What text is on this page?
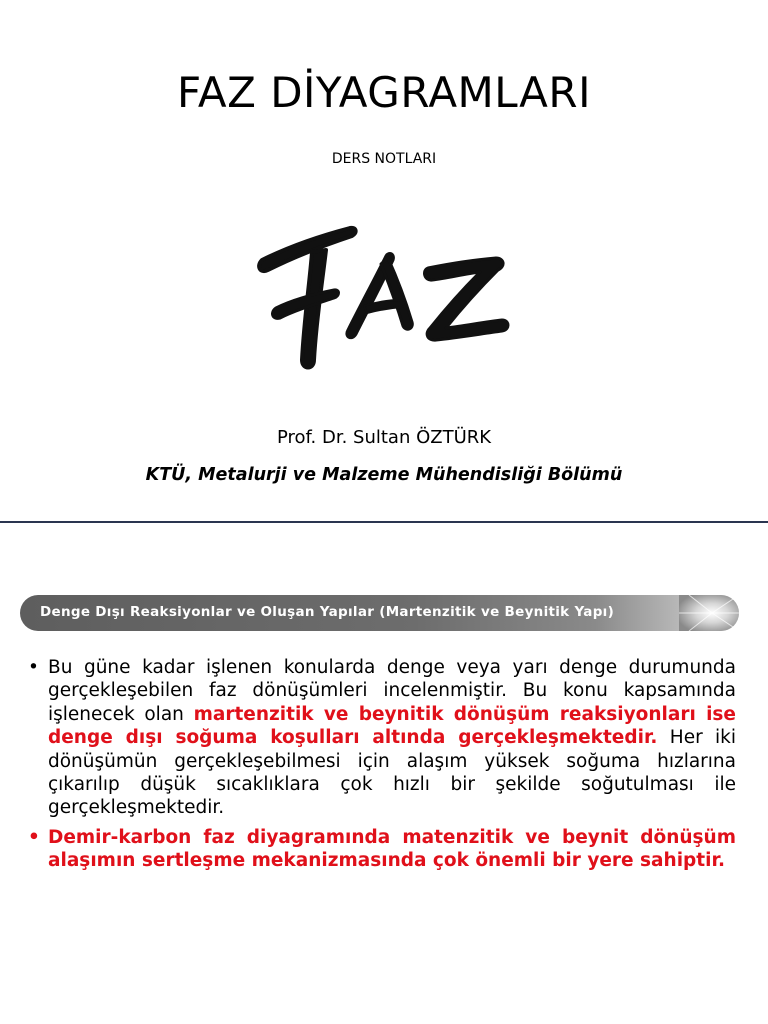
FAZ DİYAGRAMLARI
DERS NOTLARI
Prof. Dr. Sultan ÖZTÜRK
KTÜ, Metalurji ve Malzeme Mühendisliği Bölümü
Denge Dışı Reaksiyonlar ve Oluşan Yapılar (Martenzitik ve Beynitik Yapı)
• Bu güne kadar işlenen konularda denge veya yarı denge durumunda gerçekleşebilen faz dönüşümleri incelenmiştir. Bu konu kapsamında işlenecek olan martenzitik ve beynitik dönüşüm reaksiyonları ise denge dışı soğuma koşulları altında gerçekleşmektedir. Her iki dönüşümün gerçekleşebilmesi için alaşım yüksek soğuma hızlarına çıkarılıp düşük sıcaklıklara çok hızlı bir şekilde soğutulması ile gerçekleşmektedir.
• Demir-karbon faz diyagramında matenzitik ve beynit dönüşüm alaşımın sertleşme mekanizmasında çok önemli bir yere sahiptir.
